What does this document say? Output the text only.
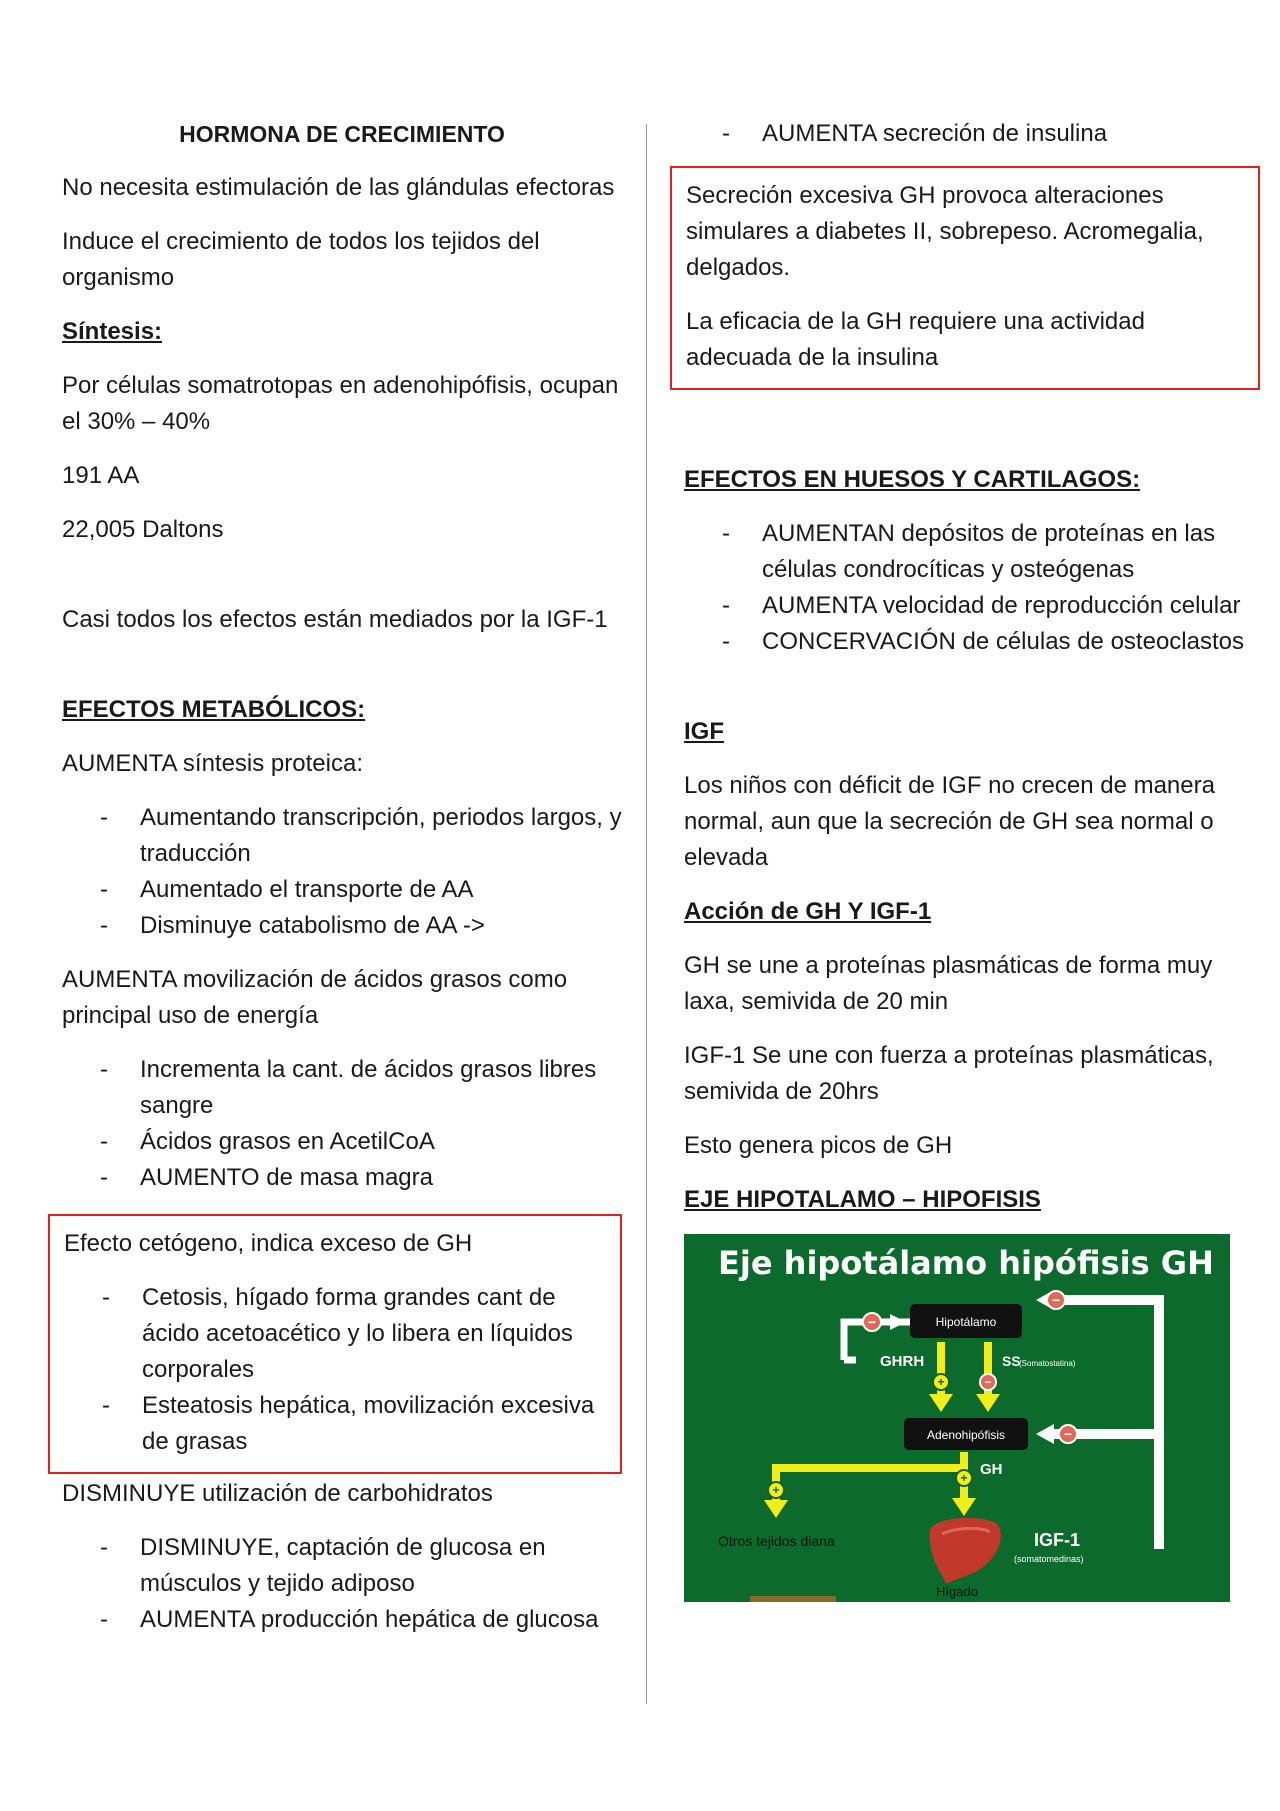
HORMONA DE CRECIMIENTO

No necesita estimulación de las glándulas efectoras

Induce el crecimiento de todos los tejidos del organismo

Síntesis:

Por células somatrotopas en adenohipófisis, ocupan el 30% – 40%

191 AA

22,005 Daltons

Casi todos los efectos están mediados por la IGF-1

EFECTOS METABÓLICOS:

AUMENTA síntesis proteica:

- Aumentando transcripción, periodos largos, y traducción
- Aumentado el transporte de AA
- Disminuye catabolismo de AA ->

AUMENTA movilización de ácidos grasos como principal uso de energía

- Incrementa la cant. de ácidos grasos libres sangre
- Ácidos grasos en AcetilCoA
- AUMENTO de masa magra

Efecto cetógeno, indica exceso de GH

- Cetosis, hígado forma grandes cant de ácido acetoacético y lo libera en líquidos corporales
- Esteatosis hepática, movilización excesiva de grasas

DISMINUYE utilización de carbohidratos

- DISMINUYE, captación de glucosa en músculos y tejido adiposo
- AUMENTA producción hepática de glucosa
- AUMENTA secreción de insulina

Secreción excesiva GH provoca alteraciones simulares a diabetes II, sobrepeso. Acromegalia, delgados.

La eficacia de la GH requiere una actividad adecuada de la insulina

EFECTOS EN HUESOS Y CARTILAGOS:
- AUMENTAN depósitos de proteínas en las células condrocíticas y osteógenas
- AUMENTA velocidad de reproducción celular
- CONCERVACIÓN de células de osteoclastos
IGF

Los niños con déficit de IGF no crecen de manera normal, aun que la secreción de GH sea normal o elevada

Acción de GH Y IGF-1

GH se une a proteínas plasmáticas de forma muy laxa, semivida de 20 min

IGF-1 Se une con fuerza a proteínas plasmáticas, semivida de 20hrs

Esto genera picos de GH

EJE HIPOTALAMO – HIPOFISIS
Eje hipotálamo hipófisis GH
−
−
−	Hipotálamo
GHRH	SS
(Somatostatina)
+	−
Adenohipófisis
GH
+
+
Otros tejidos diana	IGF-1
(somatomedinas)
Hígado
